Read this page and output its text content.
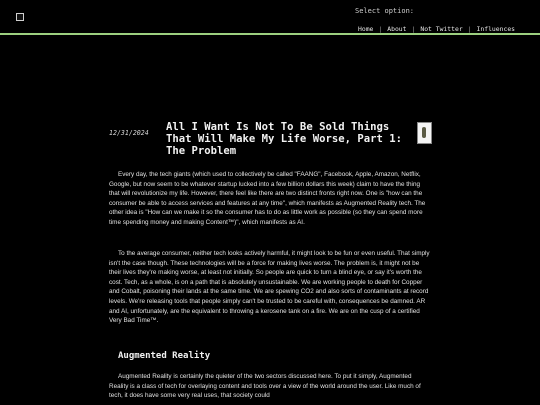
Select option:
Home | About | Not Twitter | Influences
12/31/2024 All I Want Is Not To Be Sold Things That Will Make My Life Worse, Part 1: The Problem

Every day, the tech giants (which used to collectively be called "FAANG", Facebook, Apple, Amazon, Netflix, Google, but now seem to be whatever startup lucked into a few billion dollars this week) claim to have the thing that will revolutionize my life. However, there feel like there are two distinct fronts right now. One is "how can the consumer be able to access services and features at any time", which manifests as Augmented Reality tech. The other idea is "How can we make it so the consumer has to do as little work as possible (so they can spend more time spending money and making Content™)", which manifests as AI.

To the average consumer, neither tech looks actively harmful, it might look to be fun or even useful. That simply isn't the case though. These technologies will be a force for making lives worse. The problem is, it might not be their lives they're making worse, at least not initially. So people are quick to turn a blind eye, or say it's worth the cost. Tech, as a whole, is on a path that is absolutely unsustainable. We are working people to death for Copper and Cobalt, poisoning their lands at the same time. We are spewing CO2 and also sorts of contaminants at record levels. We're releasing tools that people simply can't be trusted to be careful with, consequences be damned. AR and AI, unfortunately, are the equivalent to throwing a kerosene tank on a fire. We are on the cusp of a certified Very Bad Time™.

Augmented Reality

Augmented Reality is certainly the quieter of the two sectors discussed here. To put it simply, Augmented Reality is a class of tech for overlaying content and tools over a view of the world around the user. Like much of tech, it does have some very real uses, that society could
